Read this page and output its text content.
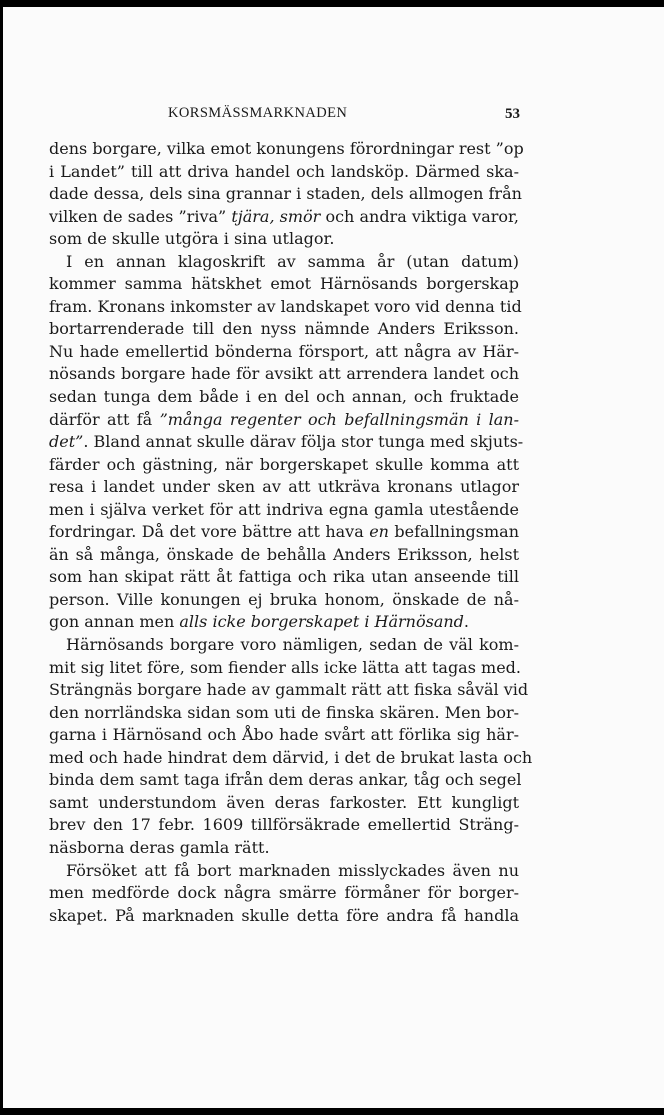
KORSMÄSSMARKNADEN	53
dens borgare, vilka emot konungens förordningar rest ”op
i Landet” till att driva handel och landsköp. Därmed ska-
dade dessa, dels sina grannar i staden, dels allmogen från
vilken de sades ”riva” tjära, smör och andra viktiga varor,
som de skulle utgöra i sina utlagor.
I en annan klagoskrift av samma år (utan datum)
kommer samma hätskhet emot Härnösands borgerskap
fram. Kronans inkomster av landskapet voro vid denna tid
bortarrenderade till den nyss nämnde Anders Eriksson.
Nu hade emellertid bönderna försport, att några av Här-
nösands borgare hade för avsikt att arrendera landet och
sedan tunga dem både i en del och annan, och fruktade
därför att få ”många regenter och befallningsmän i lan-
det”. Bland annat skulle därav följa stor tunga med skjuts-
färder och gästning, när borgerskapet skulle komma att
resa i landet under sken av att utkräva kronans utlagor
men i själva verket för att indriva egna gamla utestående
fordringar. Då det vore bättre att hava en befallningsman
än så många, önskade de behålla Anders Eriksson, helst
som han skipat rätt åt fattiga och rika utan anseende till
person. Ville konungen ej bruka honom, önskade de nå-
gon annan men alls icke borgerskapet i Härnösand.
Härnösands borgare voro nämligen, sedan de väl kom-
mit sig litet före, som fiender alls icke lätta att tagas med.
Strängnäs borgare hade av gammalt rätt att fiska såväl vid
den norrländska sidan som uti de finska skären. Men bor-
garna i Härnösand och Åbo hade svårt att förlika sig här-
med och hade hindrat dem därvid, i det de brukat lasta och
binda dem samt taga ifrån dem deras ankar, tåg och segel
samt understundom även deras farkoster. Ett kungligt
brev den 17 febr. 1609 tillförsäkrade emellertid Sträng-
näsborna deras gamla rätt.
Försöket att få bort marknaden misslyckades även nu
men medförde dock några smärre förmåner för borger-
skapet. På marknaden skulle detta före andra få handla
